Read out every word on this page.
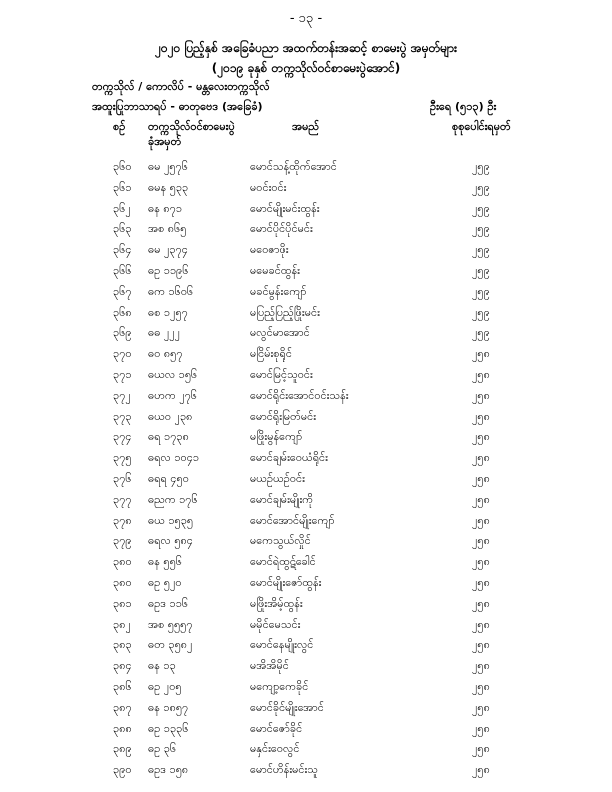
- ၁၃ -
၂၀၂၀ ပြည့်နှစ် အခြေခံပညာ အထက်တန်းအဆင့် စာမေးပွဲ အမှတ်များ
(၂၀၁၉ ခုနှစ် တက္ကသိုလ်ဝင်စာမေးပွဲအောင်)
တက္ကသိုလ် / ကောလိပ် - မန္တလေးတက္ကသိုလ်
အထူးပြုဘာသာရပ် - ဓာတုဗေဒ (အခြေခံ)	ဦးရေ (၅၁၃) ဦး
စဉ် တက္ကသိုလ်ဝင်စာမေးပွဲ
ခုံအမှတ်
အမည်	စုစုပေါင်းရမှတ်
၃၆၀ ဓမ ၂၅၇၆	မောင်သန့်ထိုက်အောင်	၂၅၉
၃၆၁ ဓမန ၅၃၃	မဝင်းဝင်း	၂၅၉
၃၆၂ ဓန ၈၇၁	မောင်မျိုးမင်းထွန်း	၂၅၉
၃၆၃ အစ ၈၆၅	မောင်ပိုင်ပိုင်မင်း	၂၅၉
၃၆၄ ဓမ ၂၃၇၄	မဝေဇာဖိုး	၂၅၉
၃၆၆ ဓဥ ၁၁၉၆	မမေခင်ထွန်း	၂၅၉
၃၆၇ ဓက ၁၆၀၆	မခင်မွန်းကျော်	၂၅၉
၃၆၈ ဓစ ၁၂၅၇	မပြည့်ပြည့်ဖြိုးမင်း	၂၅၉
၃၆၉ ဓဓ ၂၂၂	မလွင်မာအောင်	၂၅၉
၃၇၀ ဓဝ ၈၅၇	မငြိမ်းစုရိုင်	၂၅၈
၃၇၁ ဓယလ ၁၅၆	မောင်မြင့်သူဝင်း	၂၅၈
၃၇၂ ဓဟက ၂၇၆	မောင်ရိုင်းအောင်ဝင်းသန်း	၂၅၈
၃၇၃ ဓယ၀ ၂၃၈	မောင်ရိုးမြတ်မင်း	၂၅၈
၃၇၄ ဓရ ၁၇၃၈	မဖြိုးမွန်ကျော်	၂၅၈
၃၇၅ ဓရလ ၁၀၄၁	မောင်ချမ်းဝေယံရိုင်း	၂၅၈
၃၇၆ ဓရရ ၄၅၀	မယဉ်ယဉ်ဝင်း	၂၅၈
၃၇၇ ဓညက ၁၇၆	မောင်ချမ်းမျိုးကို	၂၅၈
၃၇၈ ဓယ ၁၅၃၅	မောင်အောင်မျိုးကျော်	၂၅၈
၃၇၉ ဓရလ ၅၈၄	မကေသွယ်လှိုင်	၂၅၈
၃၈၀ ဓန ၅၅၆	မောင်ရဲထွဋ်ခေါင်	၂၅၈
၃၈၀ ဓဥ ၅၂၀	မောင်မျိုးဇော်ထွန်း	၂၅၈
၃၈၁ ဓဥဒ ၁၁၆	မဖြိုးအိမ့်ထွန်း	၂၅၈
၃၈၂ အစ ၅၅၅၇	မမိုင်မေသင်း	၂၅၈
၃၈၃ ဓတ ၃၅၈၂	မောင်နေမျိုးလွင်	၂၅၈
၃၈၄ ဓန ၁၃	မအိအိမိုင်	၂၅၈
၃၈၆ ဓဥ ၂၀၅	မကျော့ကေခိုင်	၂၅၈
၃၈၇ ဓန ၁၈၅၇	မောင်ခိုင်မျိုးအောင်	၂၅၈
၃၈၈ ဓဥ ၁၃၃၆	မောင်ဇော်ခိုင်	၂၅၈
၃၈၉ ဓဥ ၃၆	မနှင်းဝေလွင်	၂၅၈
၃၉၀ ဓဥဒ ၁၅၈	မောင်ဟိန်းမင်းသူ	၂၅၈
